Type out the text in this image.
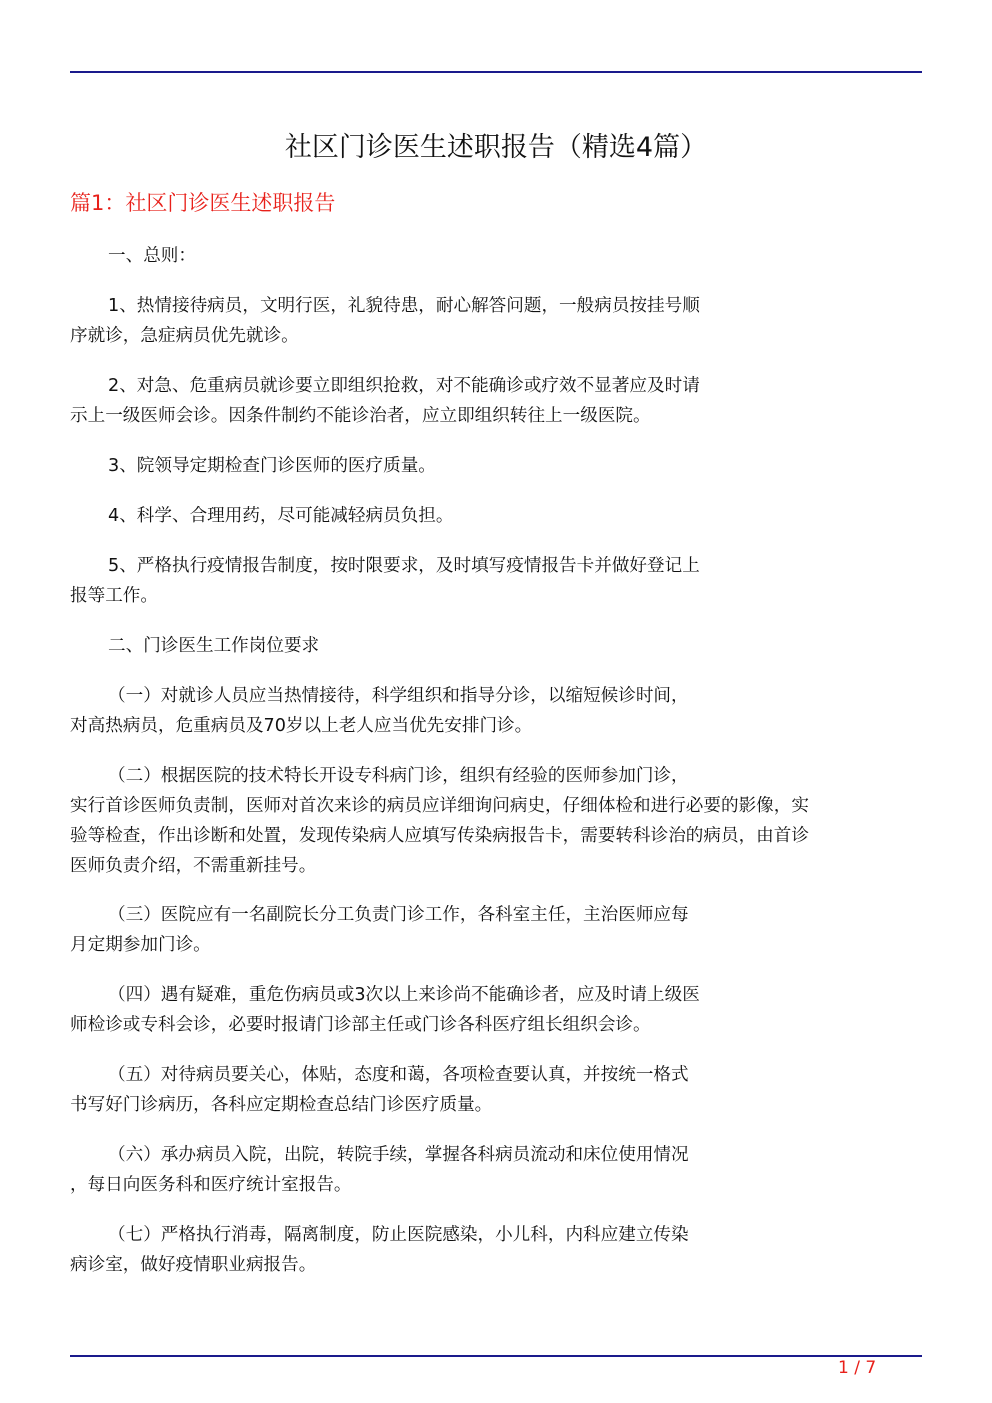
社区门诊医生述职报告（精选4篇）
篇1：社区门诊医生述职报告
一、总则：
1、热情接待病员，文明行医，礼貌待患，耐心解答问题，一般病员按挂号顺
序就诊，急症病员优先就诊。
2、对急、危重病员就诊要立即组织抢救，对不能确诊或疗效不显著应及时请
示上一级医师会诊。因条件制约不能诊治者，应立即组织转往上一级医院。
3、院领导定期检查门诊医师的医疗质量。
4、科学、合理用药，尽可能减轻病员负担。
5、严格执行疫情报告制度，按时限要求，及时填写疫情报告卡并做好登记上
报等工作。
二、门诊医生工作岗位要求
（一）对就诊人员应当热情接待，科学组织和指导分诊，以缩短候诊时间，
对高热病员，危重病员及70岁以上老人应当优先安排门诊。
（二）根据医院的技术特长开设专科病门诊，组织有经验的医师参加门诊，
实行首诊医师负责制，医师对首次来诊的病员应详细询问病史，仔细体检和进行必要的影像，实
验等检查，作出诊断和处置，发现传染病人应填写传染病报告卡，需要转科诊治的病员，由首诊
医师负责介绍，不需重新挂号。
（三）医院应有一名副院长分工负责门诊工作，各科室主任，主治医师应每
月定期参加门诊。
（四）遇有疑难，重危伤病员或3次以上来诊尚不能确诊者，应及时请上级医
师检诊或专科会诊，必要时报请门诊部主任或门诊各科医疗组长组织会诊。
（五）对待病员要关心，体贴，态度和蔼，各项检查要认真，并按统一格式
书写好门诊病历，各科应定期检查总结门诊医疗质量。
（六）承办病员入院，出院，转院手续，掌握各科病员流动和床位使用情况
，每日向医务科和医疗统计室报告。
（七）严格执行消毒，隔离制度，防止医院感染，小儿科，内科应建立传染
病诊室，做好疫情职业病报告。
1 / 7
